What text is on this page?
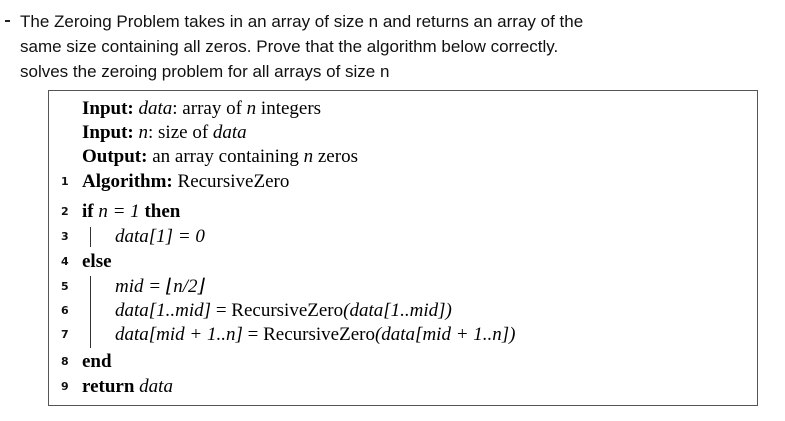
The Zeroing Problem takes in an array of size n and returns an array of the
same size containing all zeros. Prove that the algorithm below correctly.
solves the zeroing problem for all arrays of size n
Input: data: array of n integers
Input: n: size of data
Output: an array containing n zeros
1 Algorithm: RecursiveZero
2 if n = 1 then
3 data[1] = 0
4 else
5 mid = ⌊n/2⌋
6 data[1..mid] = RecursiveZero(data[1..mid])
7 data[mid + 1..n] = RecursiveZero(data[mid + 1..n])
8 end
9 return data
